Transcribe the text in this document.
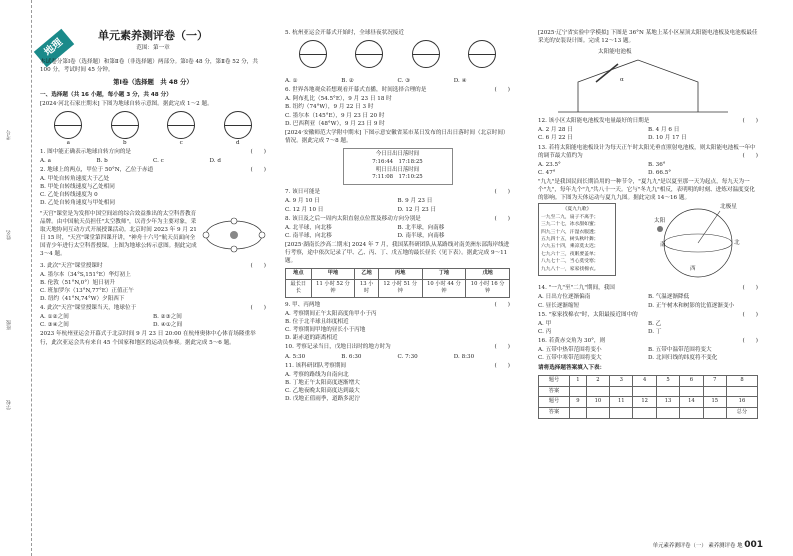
学校
班级
姓名
考号
地理
单元素养测评卷（一）
范围：第一章

本试卷分第Ⅰ卷（选择题）和第Ⅱ卷（非选择题）两部分。第Ⅰ卷 48 分，第Ⅱ卷 52 分，共 100 分，考试时间 45 分钟。

第Ⅰ卷（选择题　共 48 分）
一、选择题（共 16 小题，每小题 3 分，共 48 分）

[2024·河北石家庄期末] 下图为地球自转示意图。据此完成 1～2 题。

a	b	c	d

1. 图中能正确表示地球自转方向的是	(　　)

A. a	B. b	C. c	D. d

2. 地球上的两点，甲位于 50°N，乙位于赤道	(　　)

A. 甲处自转角速度大于乙处
B. 甲处自转线速度与乙处相同
C. 乙处自转线速度为 0
D. 乙处自转角速度与甲处相同

"天宫"课堂是为发挥中国空间站的综合效益推出的太空科普教育品牌。由中国航天员担任"太空教师"，以青少年为主要对象，采取天地协同互动方式开展授课活动。北京时间 2023 年 9 月 21 日 15 时，"天宫"课堂第四课开讲，"神舟十六号"航天员面向全国青少年进行太空科普授课。上图为地球公转示意图。据此完成 3～4 题。

3. 此次"天宫"课堂授课时	(　　)

A. 墨尔本（34°S,151°E）华灯初上
B. 伦敦（51°N,0°）旭日初升
C. 班加罗尔（13°N,77°E）正值正午
D. 纽约（41°N,74°W）夕阳西下

4. 此次"天宫"课堂授课当天，地球位于	(　　)

A. ①②之间	B. ②③之间
C. ③④之间	D. ④①之间

2023 年杭州亚运会开幕式于北京时间 9 月 23 日 20:00 在杭州奥体中心体育场隆重举行，此次亚运会共有来自 45 个国家和地区的运动员参赛。据此完成 5～6 题。

5. 杭州亚运会开幕式开始时，全球昼夜状况接近

A. ①	B. ②	C. ③	D. ④

6. 世界各地观众若想观看开幕式直播，时间选择合理的是	(　　)

A. 阿布扎比（54.5°E），9 月 23 日 18 时
B. 纽约（74°W），9 月 22 日 3 时
C. 墨尔本（145°E），9 月 23 日 20 时
D. 巴西利亚（48°W），9 月 23 日 9 时

[2024·安徽师范大学附中期末] 下图示意安徽省某市某日发布的日出日落时间（北京时间）情况。据此完成 7～8 题。

今日日出日落时间
7:16:44　17:18:25
明日日出日落时间
7:11:08　17:10:25

7. 该日可能是	(　　)

A. 9 月 10 日	B. 9 月 23 日
C. 12 月 10 日	D. 12 月 23 日

8. 该日及之后一周内太阳直射点位置及移动方向分别是	(　　)

A. 北半球，向北移	B. 北半球，向南移
C. 南半球，向北移	D. 南半球，向南移

[2025·湖南长沙高二期末] 2024 年 7 月，我国某科研团队从某路线对南美洲东部海岸线进行考察，途中依次记录了甲、乙、丙、丁、戊五地的最长昼长（见下表）。据此完成 9～11 题。

地点	甲地	乙地	丙地	丁地	戊地
最长日长	11 小时 52 分钟	13 小时	12 小时 51 分钟	10 小时 44 分钟	10 小时 16 分钟

9. 甲、丙两地	(　　)

A. 考察期间正午太阳高度角甲小于丙
B. 位于北半球且纬度相近
C. 考察期间甲地的昼长小于丙地
D. 距赤道的距离相近

10. 考察记录当日，戊地日出时的地方时为	(　　)

A. 5:30	B. 6:30	C. 7:30	D. 8:30

11. 该科研团队考察期间	(　　)

A. 考察的路线为自南向北
B. 丁地正午太阳高度逐渐增大
C. 乙地夜晚太阳高度达到最大
D. 戊地正值雨季，道路多泥泞

[2025·辽宁省实验中学模拟] 下图是 36°N 某地上某小区屋顶太阳能电池板及电池板最佳采光的安装设计图。完成 12～13 题。

太阳能电池板
α

12. 该小区太阳能电池板发电量最好的日期是	(　　)

A. 2 月 28 日	B. 4 月 6 日
C. 6 月 22 日	D. 10 月 17 日

13. 若将太阳能电池板设计为每天正午时太阳光垂直照射电池板，则太阳能电池板一年中的调节最大值约为	(　　)

A. 23.5°	B. 36°
C. 47°	D. 66.5°

"九九"是我国民间长期沿用的一种节令，"夏九九"是以夏至那一天为起点，每九天为一个"九"，每年九个"九"共八十一天。它与"冬九九"相反，表明明的时刻、进炼对温度变化的影响。下图为天体运动与夏九九图。据此完成 14～16 题。

《夏九九歌》
一九至二九，扇子不离手；
三九二十七，冰水甜如蜜；
四九三十六，汗湿衣服透；
五九四十五，树头秋叶舞；
六九五十四，乘凉莫太迟；
七九六十三，夜眠要盖单；
八九七十二，当心莫受寒；
九九八十一，家家找棉衣。
北极星
太阳
北
西
南

14. "一九"至"二九"期间，我国	(　　)

A. 日出方位逐渐偏南	B. 气温逐渐降低
C. 昼长逐渐缩短	D. 正午树木和树影的比值逐渐变小

15. "家家找棉衣"时，太阳最接近图中的	(　　)

A. 甲	B. 乙
C. 丙	D. 丁

16. 若黄赤交角为 30°，则	(　　)

A. 五带中热带范围将变小	B. 五带中温带范围将变大
C. 五带中寒带范围将变大	D. 北回归线的纬度将不变化
请将选择题答案填入下表：
题号	1	2	3	4	5	6	7	8
答案								
题号	9	10	11	12	13	14	15	16
答案								总分
单元素养测评卷（一） 素养测评卷 地 001
